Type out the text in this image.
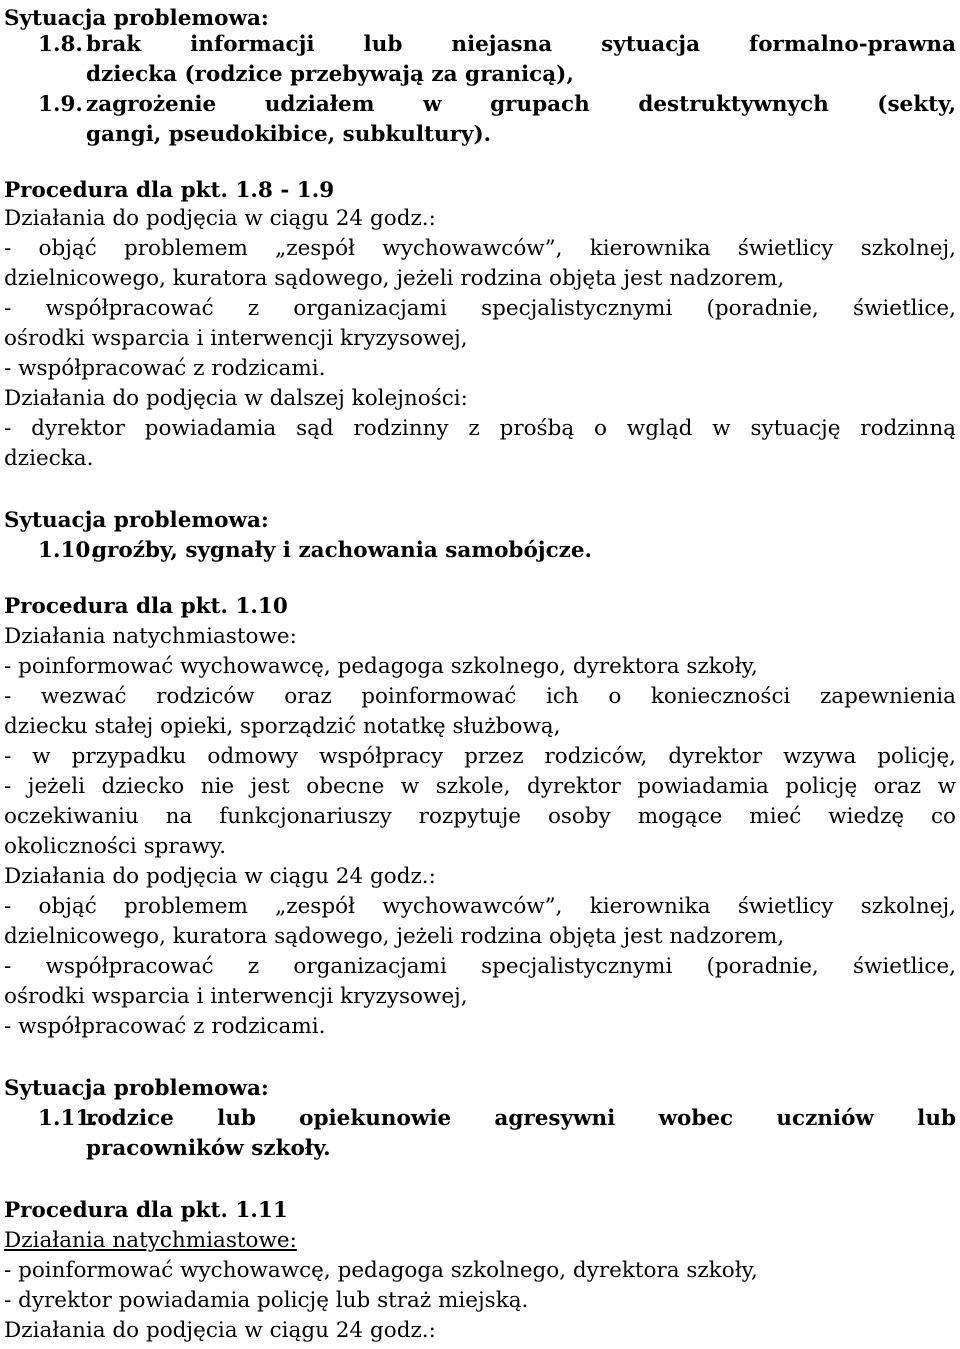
Sytuacja problemowa:
1.8. brak informacji lub niejasna sytuacja formalno-prawna
dziecka (rodzice przebywają za granicą),
1.9. zagrożenie udziałem w grupach destruktywnych (sekty,
gangi, pseudokibice, subkultury).
Procedura dla pkt. 1.8 - 1.9
Działania do podjęcia w ciągu 24 godz.:
- objąć problemem „zespół wychowawców”, kierownika świetlicy szkolnej,
dzielnicowego, kuratora sądowego, jeżeli rodzina objęta jest nadzorem,
- współpracować z organizacjami specjalistycznymi (poradnie, świetlice,
ośrodki wsparcia i interwencji kryzysowej,
- współpracować z rodzicami.
Działania do podjęcia w dalszej kolejności:
- dyrektor powiadamia sąd rodzinny z prośbą o wgląd w sytuację rodzinną
dziecka.
Sytuacja problemowa:
1.10.groźby, sygnały i zachowania samobójcze.
Procedura dla pkt. 1.10
Działania natychmiastowe:
- poinformować wychowawcę, pedagoga szkolnego, dyrektora szkoły,
- wezwać rodziców oraz poinformować ich o konieczności zapewnienia
dziecku stałej opieki, sporządzić notatkę służbową,
- w przypadku odmowy współpracy przez rodziców, dyrektor wzywa policję,
- jeżeli dziecko nie jest obecne w szkole, dyrektor powiadamia policję oraz w
oczekiwaniu na funkcjonariuszy rozpytuje osoby mogące mieć wiedzę co
okoliczności sprawy.
Działania do podjęcia w ciągu 24 godz.:
- objąć problemem „zespół wychowawców”, kierownika świetlicy szkolnej,
dzielnicowego, kuratora sądowego, jeżeli rodzina objęta jest nadzorem,
- współpracować z organizacjami specjalistycznymi (poradnie, świetlice,
ośrodki wsparcia i interwencji kryzysowej,
- współpracować z rodzicami.
Sytuacja problemowa:
1.11.
rodzice lub opiekunowie agresywni wobec uczniów lub
pracowników szkoły.
Procedura dla pkt. 1.11
Działania natychmiastowe:
- poinformować wychowawcę, pedagoga szkolnego, dyrektora szkoły,
- dyrektor powiadamia policję lub straż miejską.
Działania do podjęcia w ciągu 24 godz.:
